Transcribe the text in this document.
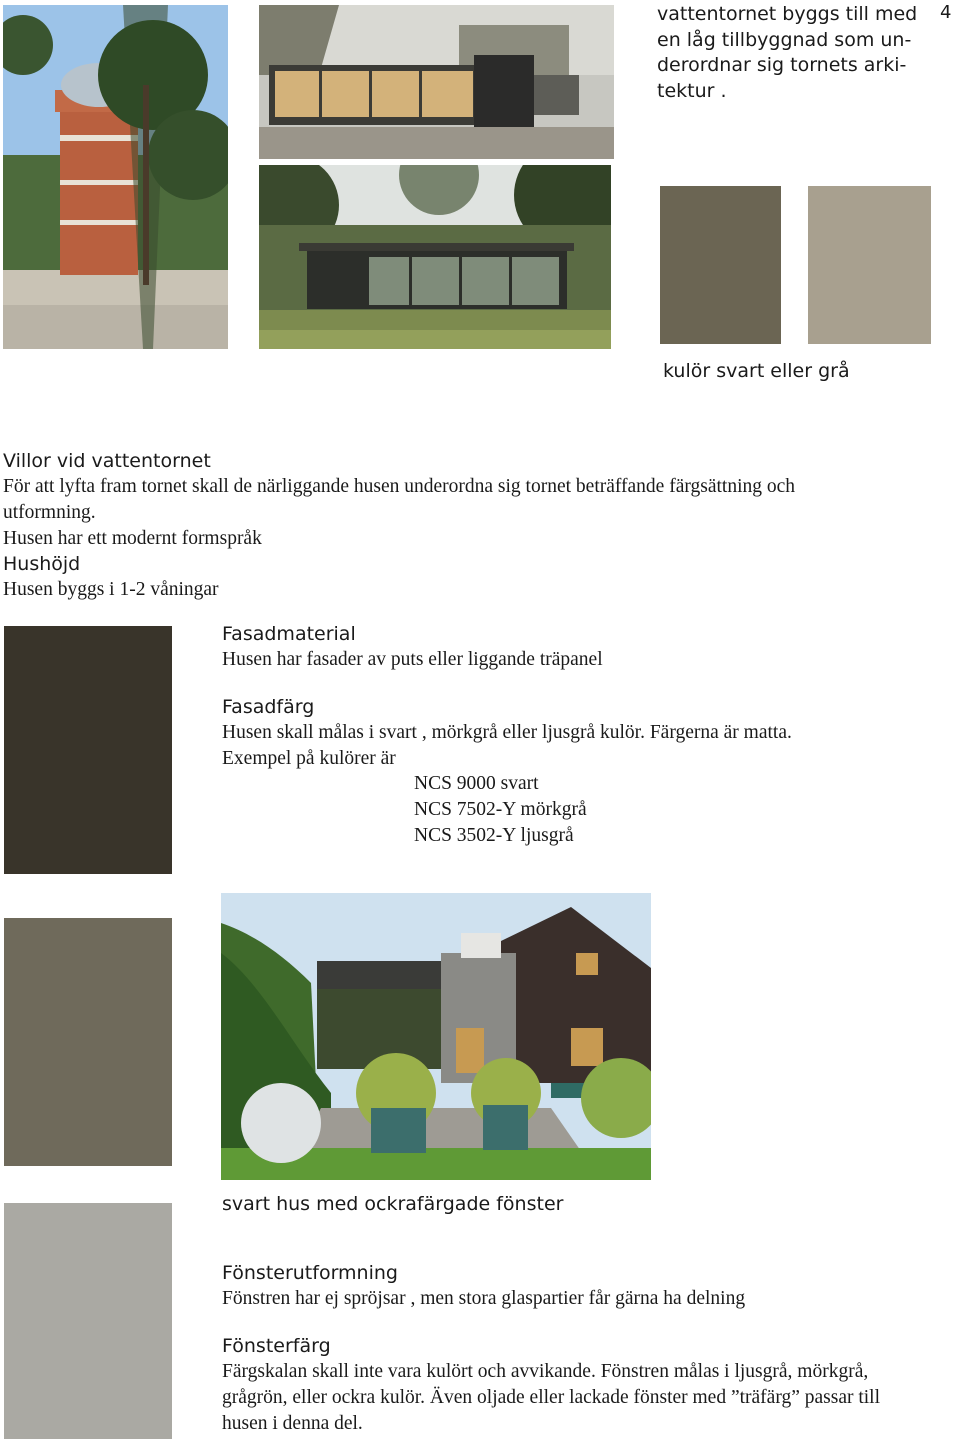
4
vattentornet byggs till med
en låg tillbyggnad som un-
derordnar sig tornets arki-
tektur .
kulör svart eller grå
Villor vid vattentornet
För att lyfta fram tornet skall de närliggande husen underordna sig tornet beträffande färgsättning och
utformning.
Husen har ett modernt formspråk
Hushöjd
Husen byggs i 1-2 våningar
Fasadmaterial
Husen har fasader av puts eller liggande träpanel
Fasadfärg
Husen skall målas i svart , mörkgrå eller ljusgrå kulör. Färgerna är matta.
Exempel på kulörer är
NCS 9000 svart
NCS 7502-Y mörkgrå
NCS 3502-Y ljusgrå
svart hus med ockrafärgade fönster
Fönsterutformning
Fönstren har ej spröjsar , men stora glaspartier får gärna ha delning
Fönsterfärg
Färgskalan skall inte vara kulört och avvikande. Fönstren målas i ljusgrå, mörkgrå,
grågrön, eller ockra kulör. Även oljade eller lackade fönster med ”träfärg” passar till
husen i denna del.
